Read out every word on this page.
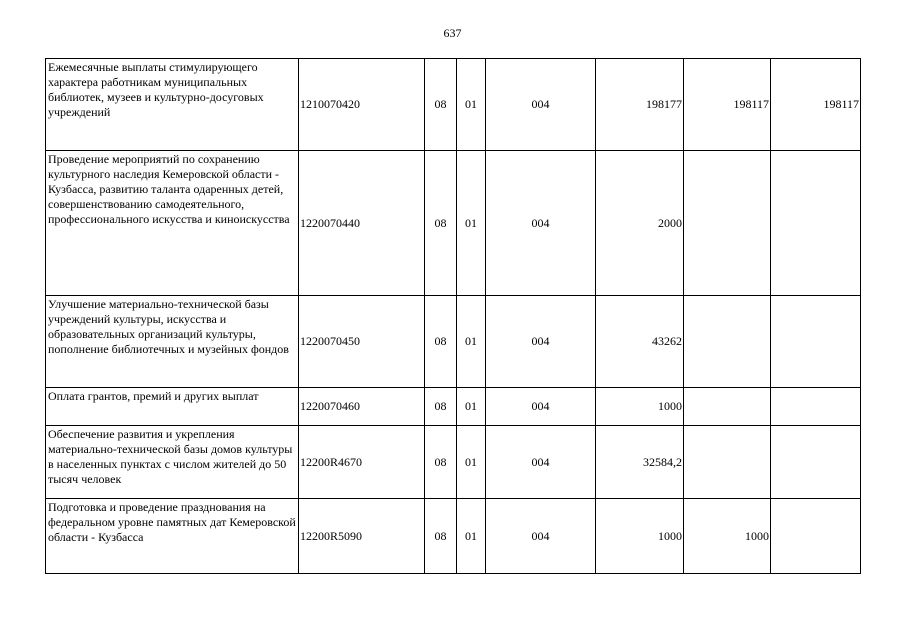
637
Ежемесячные выплаты стимулирующего характера работникам муниципальных библиотек, музеев и культурно-досуговых учреждений	1210070420	08	01	004	198177	198117	198117
Проведение мероприятий по сохранению культурного наследия Кемеровской области - Кузбасса, развитию таланта одаренных детей, совершенствованию самодеятельного, профессионального искусства и киноискусства	1220070440	08	01	004	2000		
Улучшение материально-технической базы учреждений культуры, искусства и образовательных организаций культуры, пополнение библиотечных и музейных фондов	1220070450	08	01	004	43262		
Оплата грантов, премий и других выплат	1220070460	08	01	004	1000		
Обеспечение развития и укрепления материально-технической базы домов культуры в населенных пунктах с числом жителей до 50 тысяч человек	12200R4670	08	01	004	32584,2		
Подготовка и проведение празднования на федеральном уровне памятных дат Кемеровской области - Кузбасса	12200R5090	08	01	004	1000	1000	
